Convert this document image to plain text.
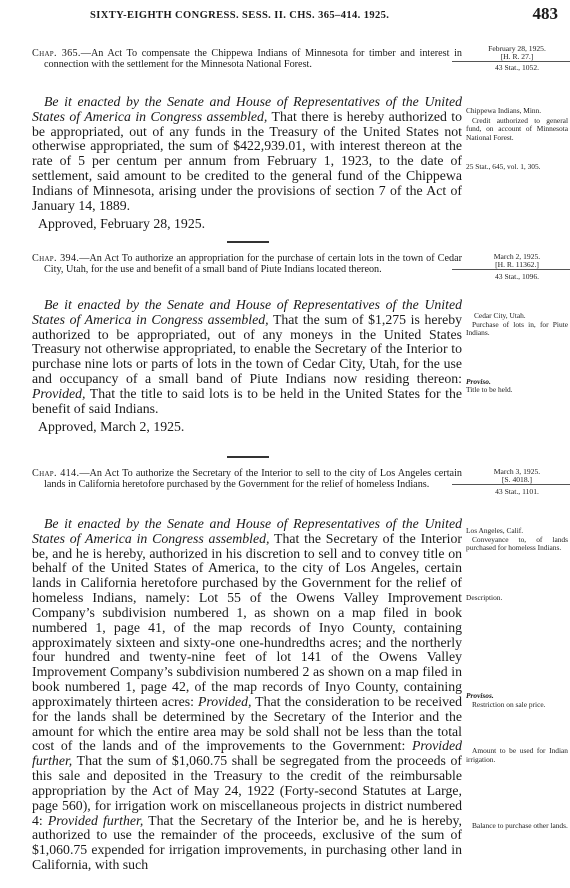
SIXTY-EIGHTH CONGRESS. SESS. II. CHS. 365–414. 1925.	483
Chap. 365.—An Act To compensate the Chippewa Indians of Minnesota for timber and interest in connection with the settlement for the Minnesota National Forest.
February 28, 1925.
[H. R. 27.]
43 Stat., 1052.

Be it enacted by the Senate and House of Representatives of the United States of America in Congress assembled, That there is hereby authorized to be appropriated, out of any funds in the Treasury of the United States not otherwise appropriated, the sum of $422,939.01, with interest thereon at the rate of 5 per centum per annum from February 1, 1923, to the date of settlement, said amount to be credited to the general fund of the Chippewa Indians of Minnesota, arising under the provisions of section 7 of the Act of January 14, 1889.

Approved, February 28, 1925.

Chippewa Indians, Minn.
Credit authorized to general fund, on account of Minnesota National Forest.
25 Stat., 645, vol. 1, 305.
Chap. 394.—An Act To authorize an appropriation for the purchase of certain lots in the town of Cedar City, Utah, for the use and benefit of a small band of Piute Indians located thereon.
March 2, 1925.
[H. R. 11362.]
43 Stat., 1096.

Be it enacted by the Senate and House of Representatives of the United States of America in Congress assembled, That the sum of $1,275 is hereby authorized to be appropriated, out of any moneys in the United States Treasury not otherwise appropriated, to enable the Secretary of the Interior to purchase nine lots or parts of lots in the town of Cedar City, Utah, for the use and occupancy of a small band of Piute Indians now residing thereon: Provided, That the title to said lots is to be held in the United States for the benefit of said Indians.

Approved, March 2, 1925.

Cedar City, Utah.
Purchase of lots in, for Piute Indians.
Proviso.
Title to be held.
Chap. 414.—An Act To authorize the Secretary of the Interior to sell to the city of Los Angeles certain lands in California heretofore purchased by the Government for the relief of homeless Indians.
March 3, 1925.
[S. 4018.]
43 Stat., 1101.

Be it enacted by the Senate and House of Representatives of the United States of America in Congress assembled, That the Secretary of the Interior be, and he is hereby, authorized in his discretion to sell and to convey title on behalf of the United States of America, to the city of Los Angeles, certain lands in California heretofore purchased by the Government for the relief of homeless Indians, namely: Lot 55 of the Owens Valley Improvement Company’s subdivision numbered 1, as shown on a map filed in book numbered 1, page 41, of the map records of Inyo County, containing approximately sixteen and sixty-one one-hundredths acres; and the northerly four hundred and twenty-nine feet of lot 141 of the Owens Valley Improvement Company’s subdivision numbered 2 as shown on a map filed in book numbered 1, page 42, of the map records of Inyo County, containing approximately thirteen acres: Provided, That the consideration to be received for the lands shall be determined by the Secretary of the Interior and the amount for which the entire area may be sold shall not be less than the total cost of the lands and of the improvements to the Government: Provided further, That the sum of $1,060.75 shall be segregated from the proceeds of this sale and deposited in the Treasury to the credit of the reimbursable appropriation by the Act of May 24, 1922 (Forty-second Statutes at Large, page 560), for irrigation work on miscellaneous projects in district numbered 4: Provided further, That the Secretary of the Interior be, and he is hereby, authorized to use the remainder of the proceeds, exclusive of the sum of $1,060.75 expended for irrigation improvements, in purchasing other land in California, with such

Los Angeles, Calif.
Conveyance to, of lands purchased for homeless Indians.
Description.
Provisos.
Restriction on sale price.
Amount to be used for Indian irrigation.
Balance to purchase other lands.
